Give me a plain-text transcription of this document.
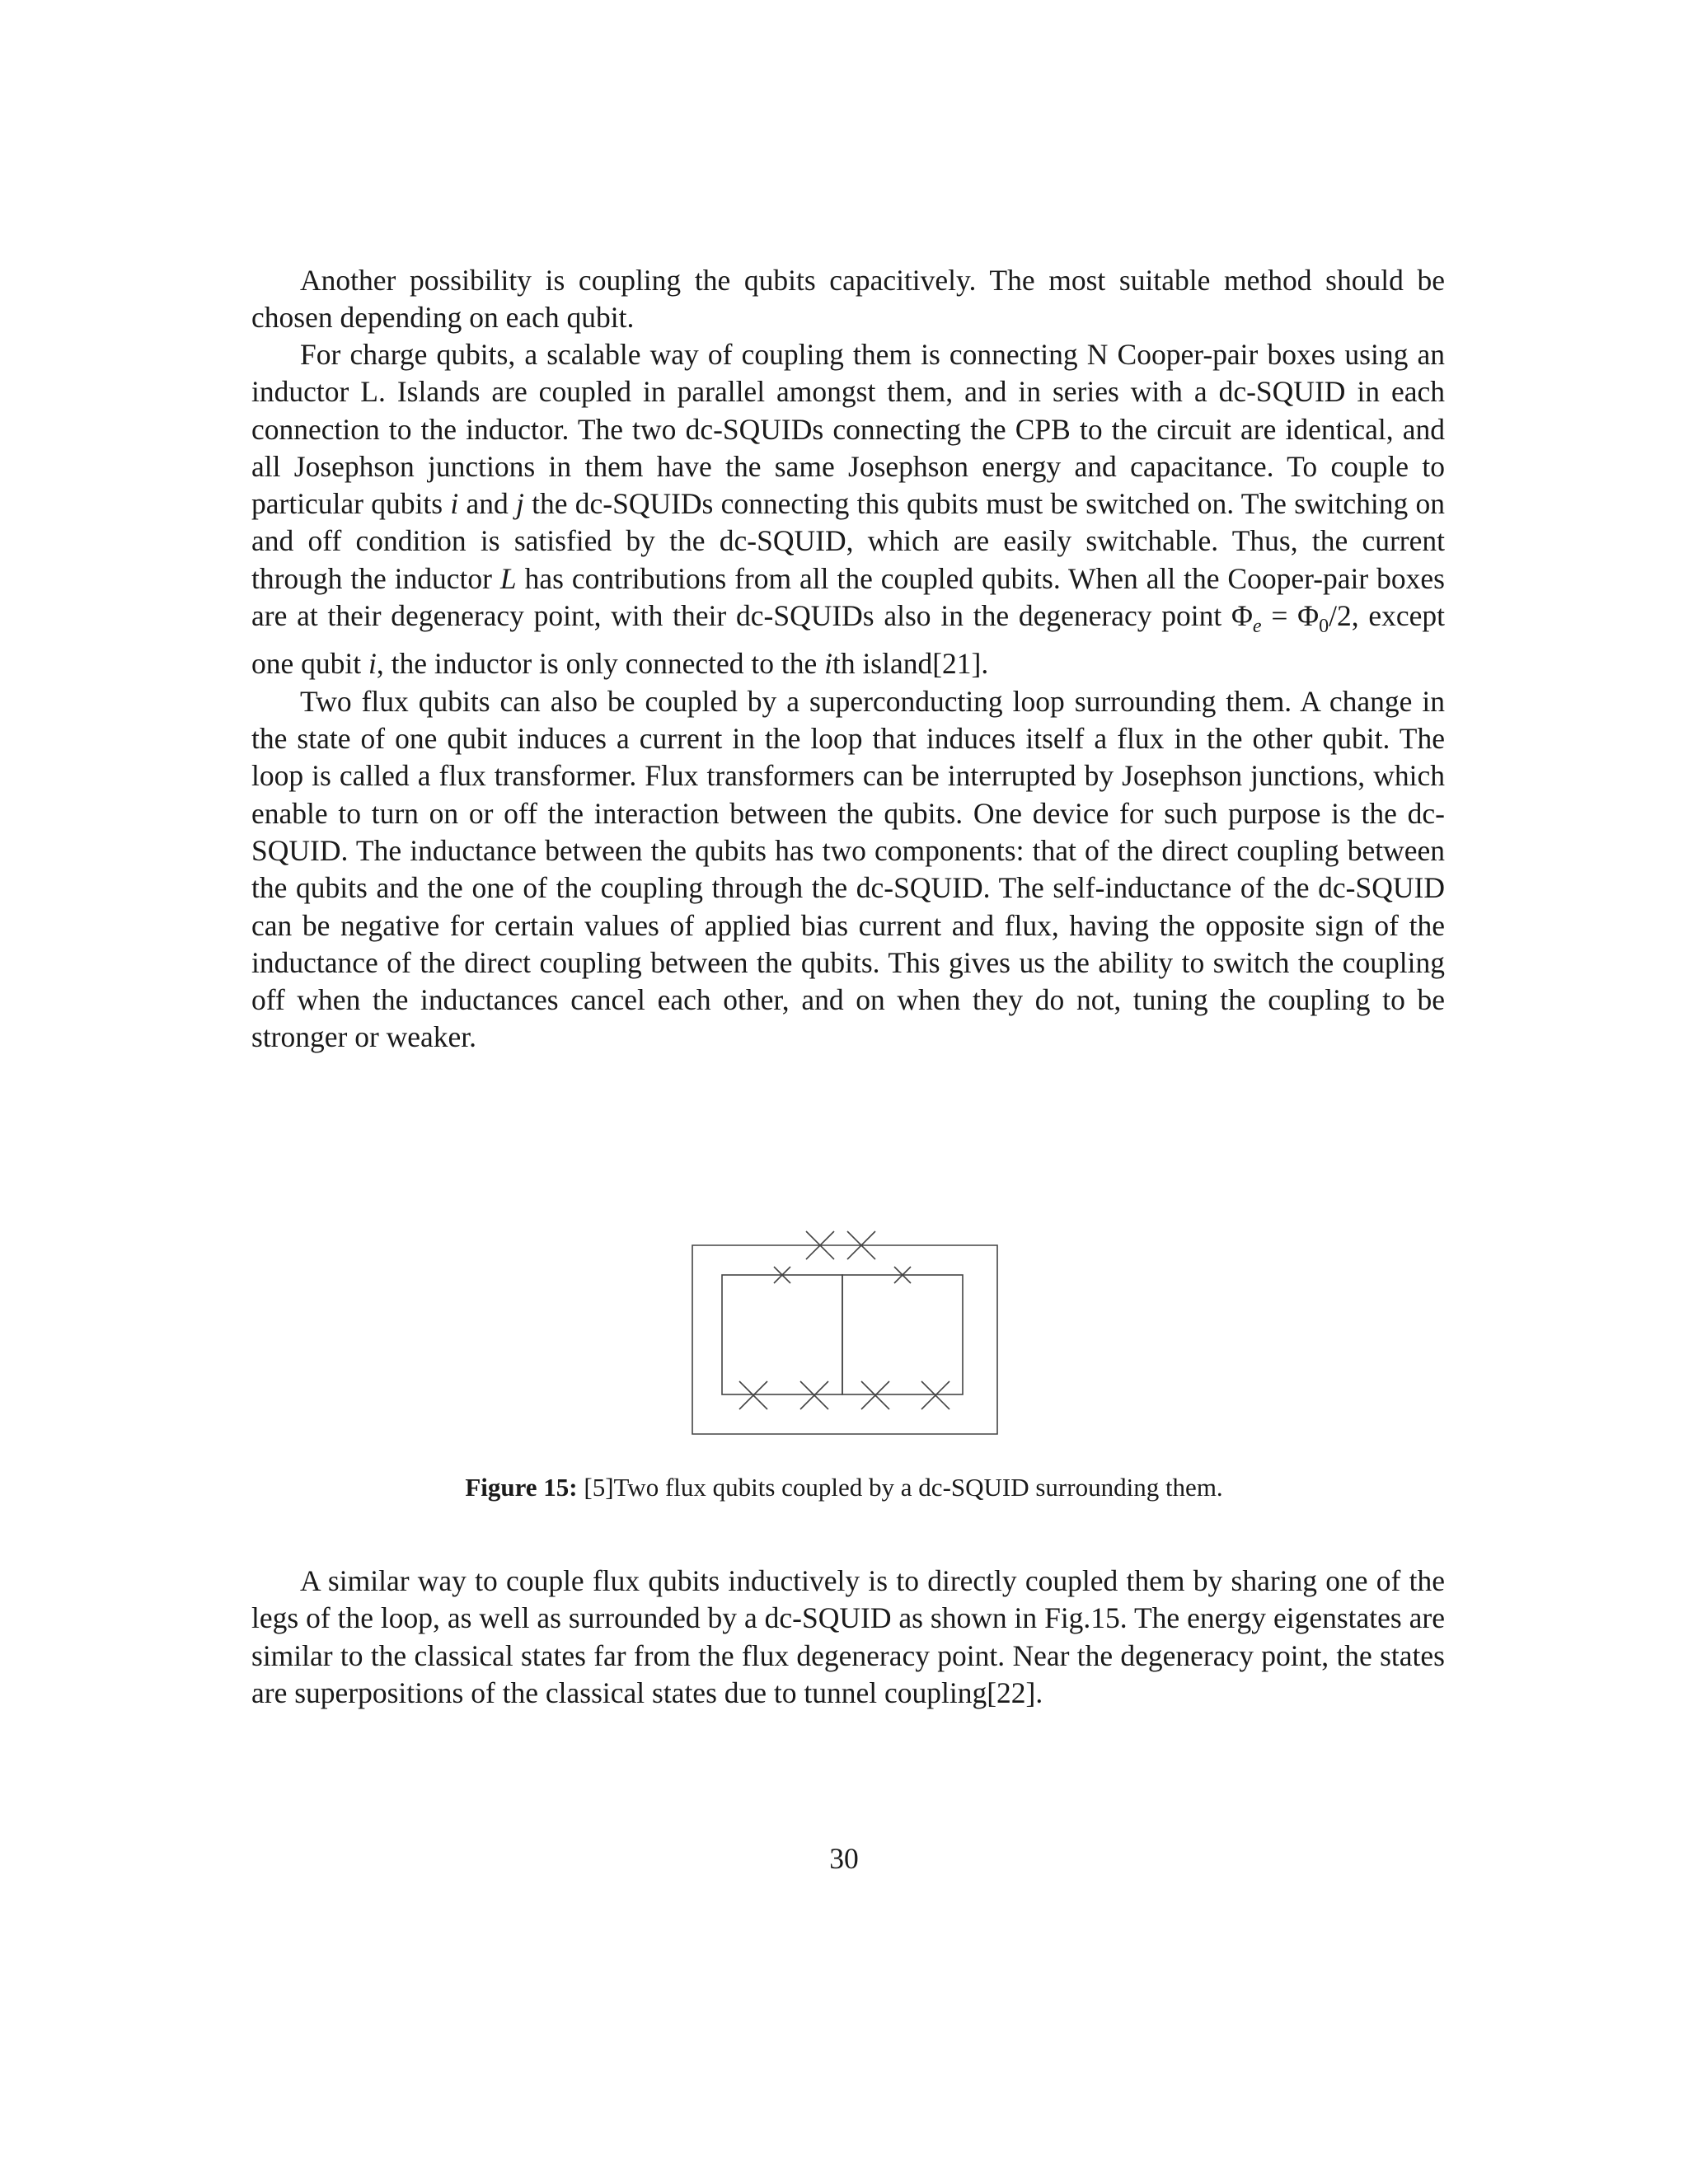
Another possibility is coupling the qubits capacitively. The most suitable method should be chosen depending on each qubit.

For charge qubits, a scalable way of coupling them is connecting N Cooper-pair boxes using an inductor L. Islands are coupled in parallel amongst them, and in series with a dc-SQUID in each connection to the inductor. The two dc-SQUIDs connecting the CPB to the circuit are identical, and all Josephson junctions in them have the same Josephson energy and capacitance. To couple to particular qubits i and j the dc-SQUIDs connecting this qubits must be switched on. The switching on and off condition is satisfied by the dc-SQUID, which are easily switchable. Thus, the current through the inductor L has contributions from all the coupled qubits. When all the Cooper-pair boxes are at their degeneracy point, with their dc-SQUIDs also in the degeneracy point $\Phi_e = \Phi_0/2$, except one qubit i, the inductor is only connected to the ith island[21].

Two flux qubits can also be coupled by a superconducting loop surrounding them. A change in the state of one qubit induces a current in the loop that induces itself a flux in the other qubit. The loop is called a flux transformer. Flux transformers can be interrupted by Josephson junctions, which enable to turn on or off the interaction between the qubits. One device for such purpose is the dc-SQUID. The inductance between the qubits has two components: that of the direct coupling between the qubits and the one of the coupling through the dc-SQUID. The self-inductance of the dc-SQUID can be negative for certain values of applied bias current and flux, having the opposite sign of the inductance of the direct coupling between the qubits. This gives us the ability to switch the coupling off when the inductances cancel each other, and on when they do not, tuning the coupling to be stronger or weaker.

Figure 15: [5]Two flux qubits coupled by a dc-SQUID surrounding them.

A similar way to couple flux qubits inductively is to directly coupled them by sharing one of the legs of the loop, as well as surrounded by a dc-SQUID as shown in Fig.15. The energy eigenstates are similar to the classical states far from the flux degeneracy point. Near the degeneracy point, the states are superpositions of the classical states due to tunnel coupling[22].

30
